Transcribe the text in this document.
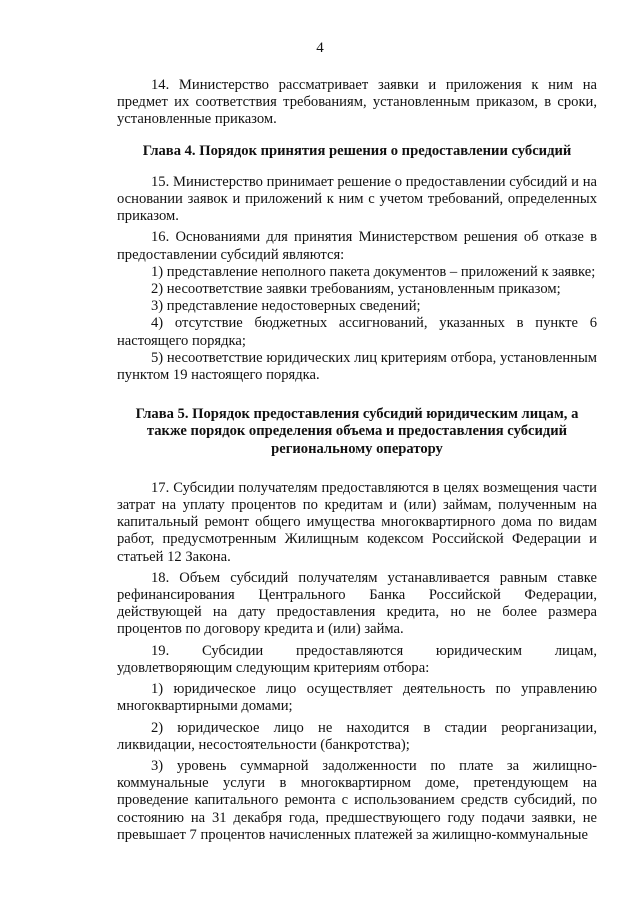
4

14. Министерство рассматривает заявки и приложения к ним на предмет их соответствия требованиям, установленным приказом, в сроки, установленные приказом.

Глава 4. Порядок принятия решения о предоставлении субсидий

15. Министерство принимает решение о предоставлении субсидий и на основании заявок и приложений к ним с учетом требований, определенных приказом.

16. Основаниями для принятия Министерством решения об отказе в предоставлении субсидий являются:

1) представление неполного пакета документов – приложений к заявке;

2) несоответствие заявки требованиям, установленным приказом;

3) представление недостоверных сведений;

4) отсутствие бюджетных ассигнований, указанных в пункте 6 настоящего порядка;

5) несоответствие юридических лиц критериям отбора, установленным пунктом 19 настоящего порядка.

Глава 5. Порядок предоставления субсидий юридическим лицам, а также порядок определения объема и предоставления субсидий региональному оператору

17. Субсидии получателям предоставляются в целях возмещения части затрат на уплату процентов по кредитам и (или) займам, полученным на капитальный ремонт общего имущества многоквартирного дома по видам работ, предусмотренным Жилищным кодексом Российской Федерации и статьей 12 Закона.

18. Объем субсидий получателям устанавливается равным ставке рефинансирования Центрального Банка Российской Федерации, действующей на дату предоставления кредита, но не более размера процентов по договору кредита и (или) займа.

19. Субсидии предоставляются юридическим лицам, удовлетворяющим следующим критериям отбора:

1) юридическое лицо осуществляет деятельность по управлению многоквартирными домами;

2) юридическое лицо не находится в стадии реорганизации, ликвидации, несостоятельности (банкротства);

3) уровень суммарной задолженности по плате за жилищно-коммунальные услуги в многоквартирном доме, претендующем на проведение капитального ремонта с использованием средств субсидий, по состоянию на 31 декабря года, предшествующего году подачи заявки, не превышает 7 процентов начисленных платежей за жилищно-коммунальные
